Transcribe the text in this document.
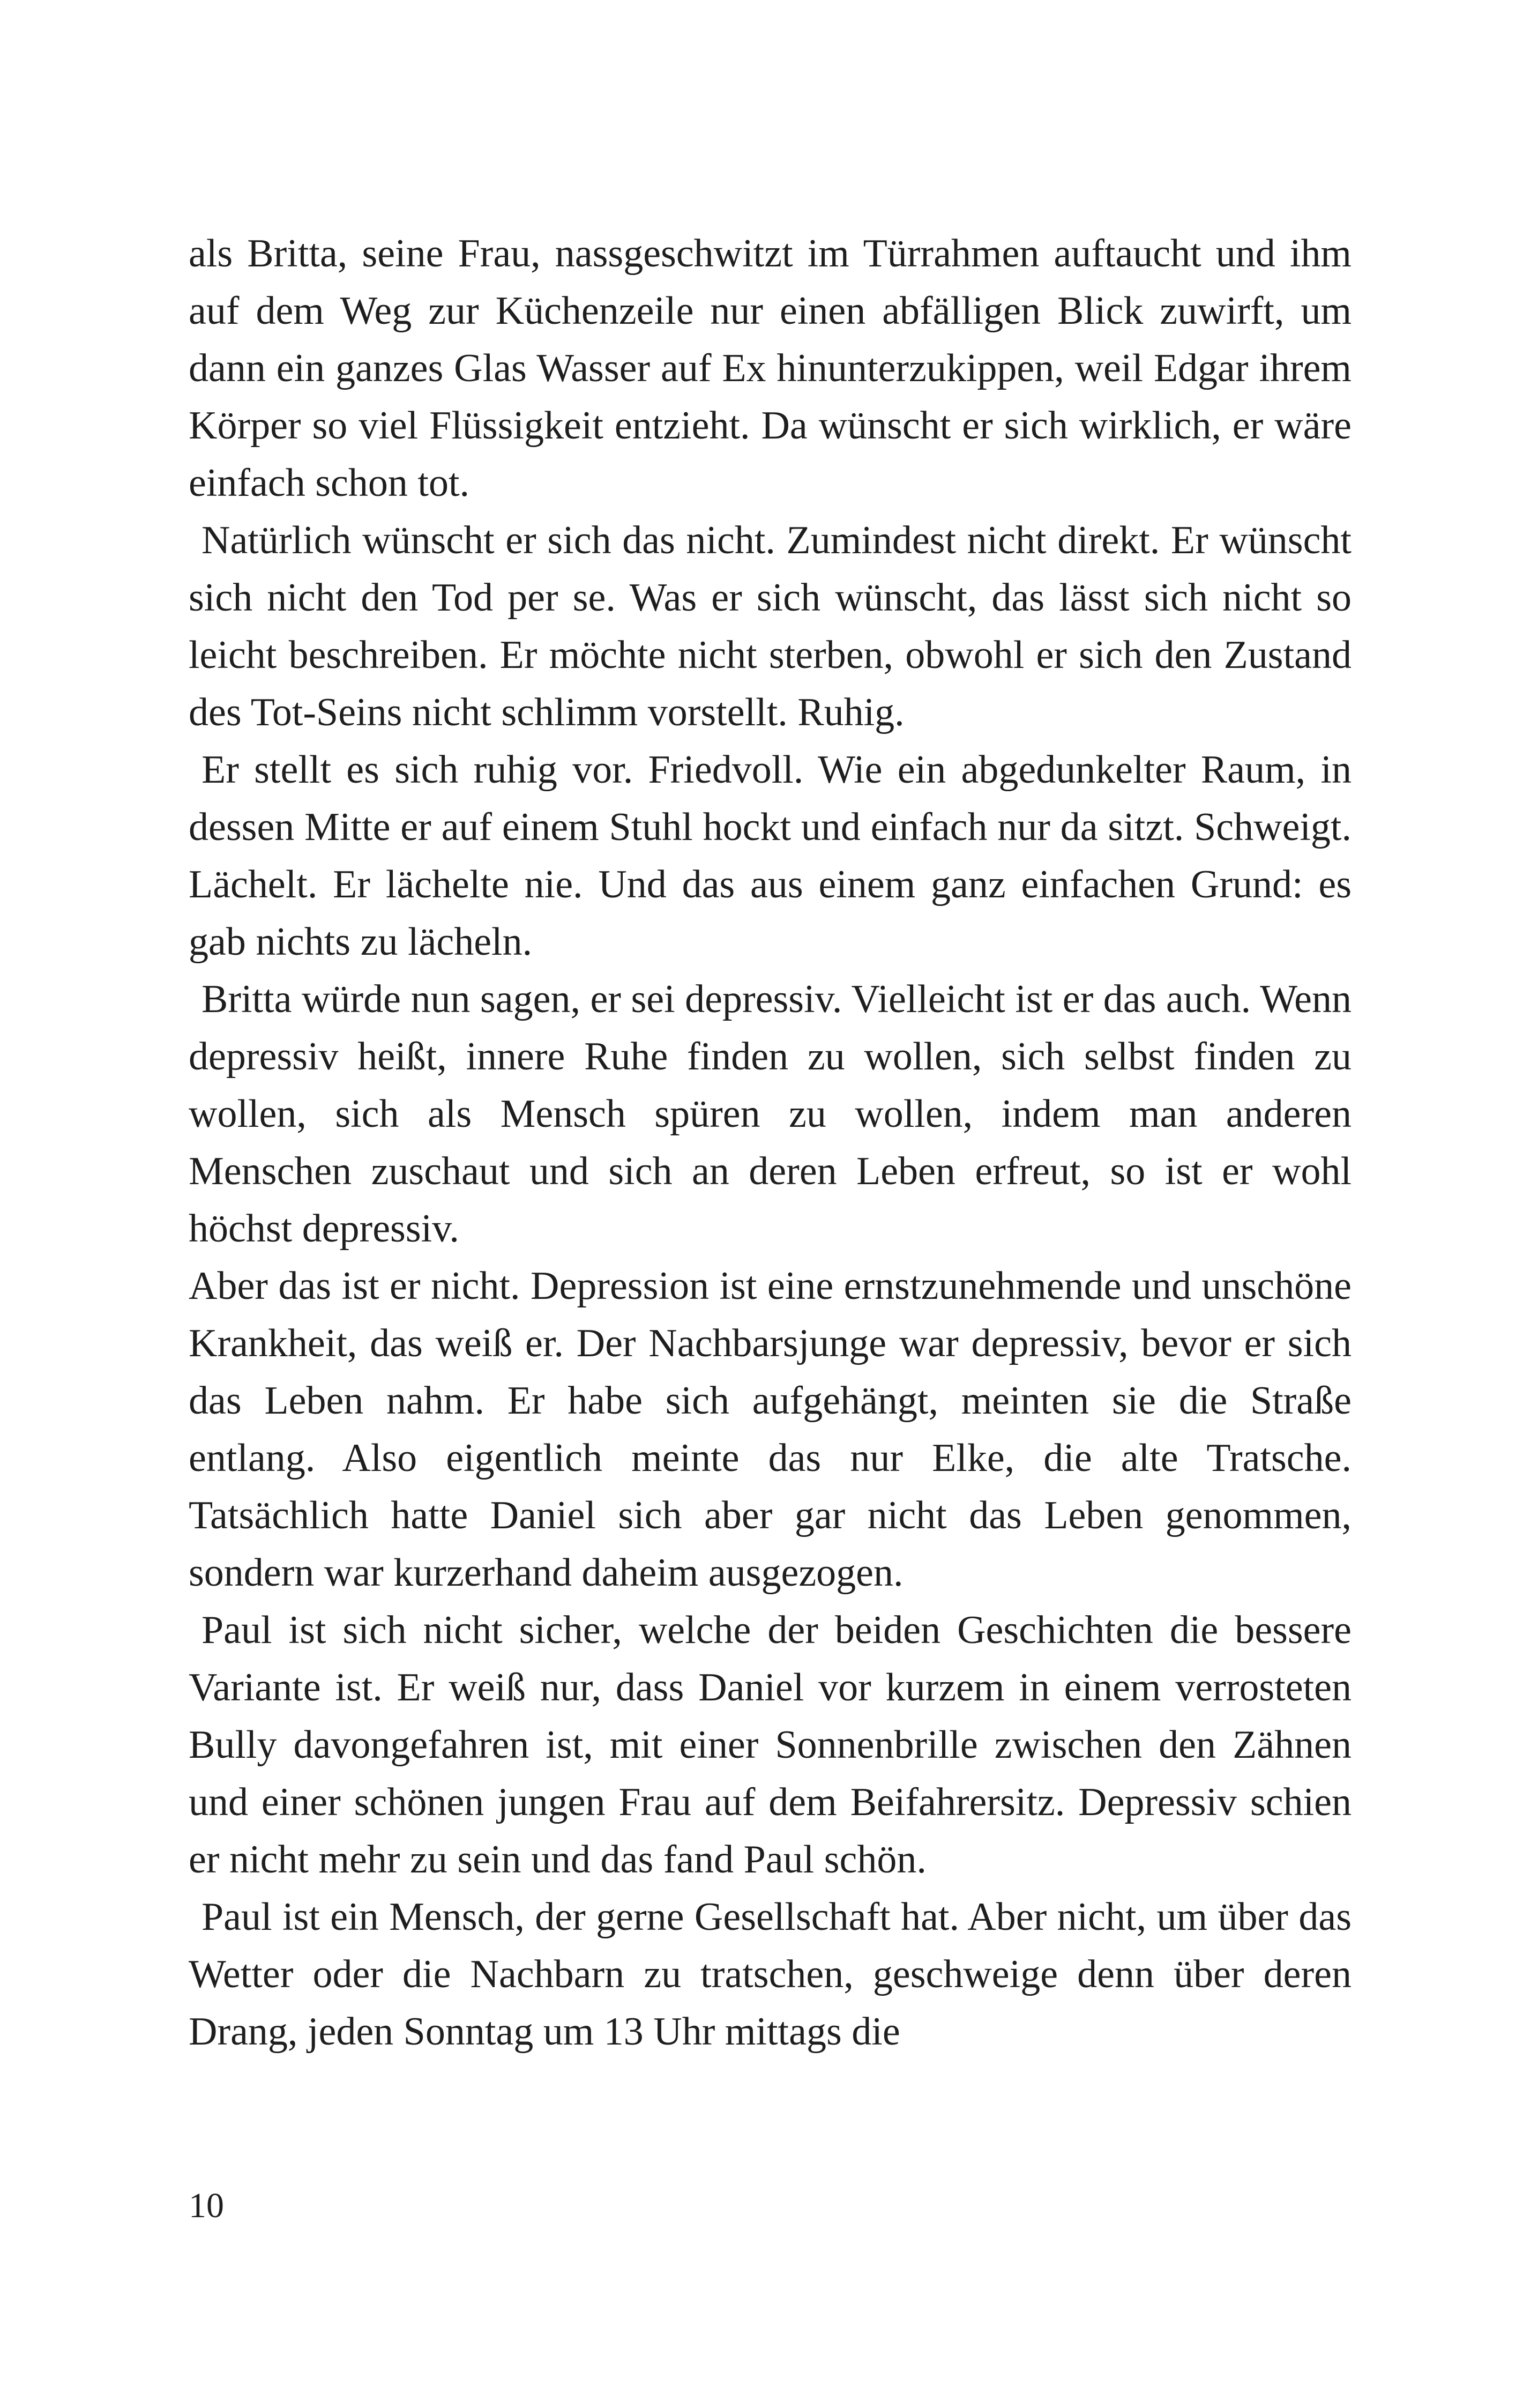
als Britta, seine Frau, nassgeschwitzt im Türrahmen auftaucht und ihm auf dem Weg zur Küchenzeile nur einen abfälligen Blick zuwirft, um dann ein ganzes Glas Wasser auf Ex hinunterzukippen, weil Edgar ihrem Körper so viel Flüssigkeit entzieht. Da wünscht er sich wirklich, er wäre einfach schon tot.

Natürlich wünscht er sich das nicht. Zumindest nicht direkt. Er wünscht sich nicht den Tod per se. Was er sich wünscht, das lässt sich nicht so leicht beschreiben. Er möchte nicht sterben, obwohl er sich den Zustand des Tot-Seins nicht schlimm vorstellt. Ruhig.

Er stellt es sich ruhig vor. Friedvoll. Wie ein abgedunkelter Raum, in dessen Mitte er auf einem Stuhl hockt und einfach nur da sitzt. Schweigt. Lächelt. Er lächelte nie. Und das aus einem ganz einfachen Grund: es gab nichts zu lächeln.

Britta würde nun sagen, er sei depressiv. Vielleicht ist er das auch. Wenn depressiv heißt, innere Ruhe finden zu wollen, sich selbst finden zu wollen, sich als Mensch spüren zu wollen, indem man anderen Menschen zuschaut und sich an deren Leben erfreut, so ist er wohl höchst depressiv.

Aber das ist er nicht. Depression ist eine ernstzunehmende und unschöne Krankheit, das weiß er. Der Nachbarsjunge war depressiv, bevor er sich das Leben nahm. Er habe sich aufgehängt, meinten sie die Straße entlang. Also eigentlich meinte das nur Elke, die alte Tratsche. Tatsächlich hatte Daniel sich aber gar nicht das Leben genommen, sondern war kurzerhand daheim ausgezogen.

Paul ist sich nicht sicher, welche der beiden Geschichten die bessere Variante ist. Er weiß nur, dass Daniel vor kurzem in einem verrosteten Bully davongefahren ist, mit einer Sonnenbrille zwischen den Zähnen und einer schönen jungen Frau auf dem Beifahrersitz. Depressiv schien er nicht mehr zu sein und das fand Paul schön.

Paul ist ein Mensch, der gerne Gesellschaft hat. Aber nicht, um über das Wetter oder die Nachbarn zu tratschen, geschweige denn über deren Drang, jeden Sonntag um 13 Uhr mittags die

10
